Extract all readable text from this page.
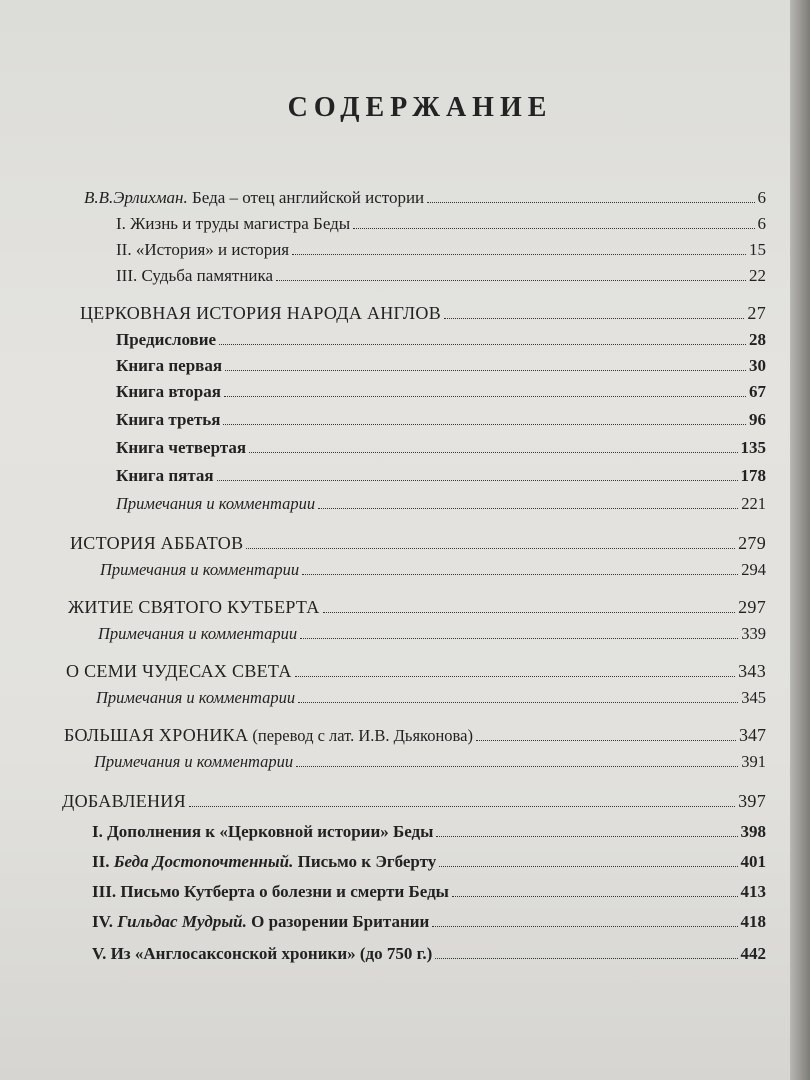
СОДЕРЖАНИЕ
В.В.Эрлихман. Беда – отец английской истории	6
I. Жизнь и труды магистра Беды	6
II. «История» и история	15
III. Судьба памятника	22
ЦЕРКОВНАЯ ИСТОРИЯ НАРОДА АНГЛОВ	27
Предисловие	28
Книга первая	30
Книга вторая	67
Книга третья	96
Книга четвертая	135
Книга пятая	178
Примечания и комментарии	221
ИСТОРИЯ АББАТОВ	279
Примечания и комментарии	294
ЖИТИЕ СВЯТОГО КУТБЕРТА	297
Примечания и комментарии	339
О СЕМИ ЧУДЕСАХ СВЕТА	343
Примечания и комментарии	345
БОЛЬШАЯ ХРОНИКА (перевод с лат. И.В. Дьяконова)	347
Примечания и комментарии	391
ДОБАВЛЕНИЯ	397
I. Дополнения к «Церковной истории» Беды	398
II. Беда Достопочтенный. Письмо к Эгберту	401
III. Письмо Кутберта о болезни и смерти Беды	413
IV. Гильдас Мудрый. О разорении Британии	418
V. Из «Англосаксонской хроники» (до 750 г.)	442
